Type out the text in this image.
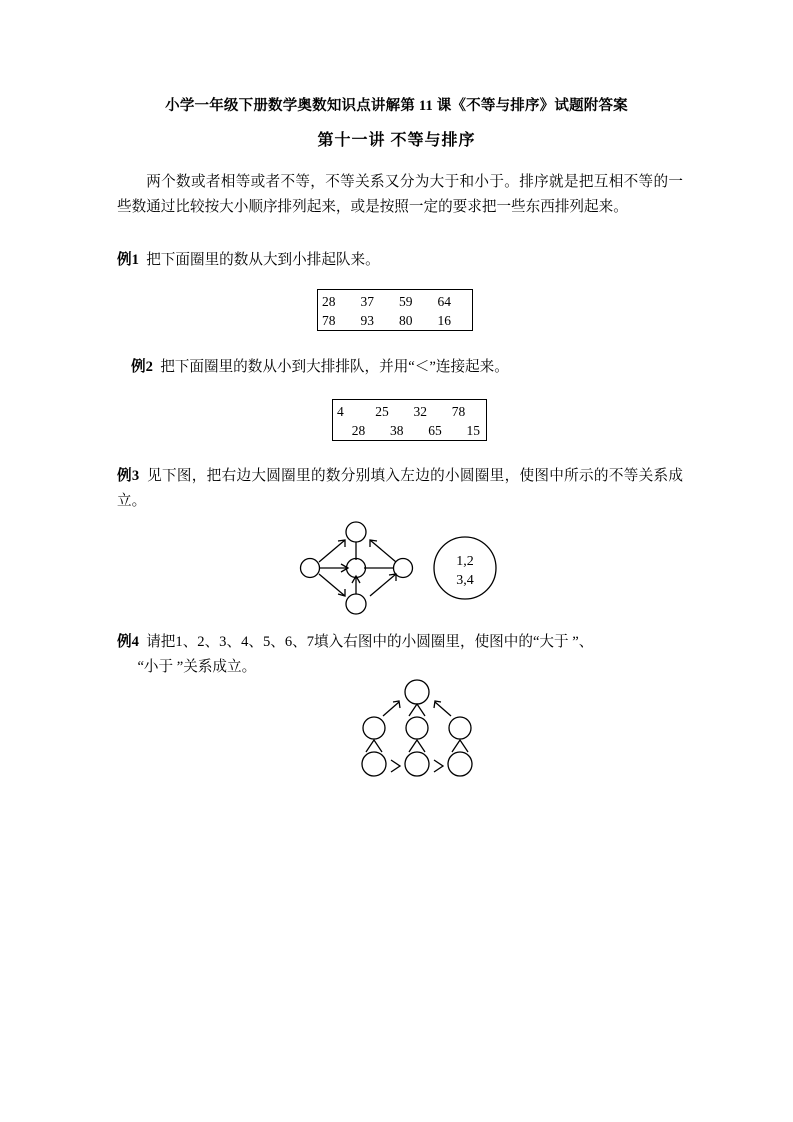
小学一年级下册数学奥数知识点讲解第 11 课《不等与排序》试题附答案
第十一讲 不等与排序
两个数或者相等或者不等，不等关系又分为大于和小于。排序就是把互相不等的一些数通过比较按大小顺序排列起来，或是按照一定的要求把一些东西排列起来。
例1 把下面圈里的数从大到小排起队来。
28	37	59	64
78	93	80	16
例2 把下面圈里的数从小到大排排队，并用“＜”连接起来。
4	25	32	78
28	38	65	15
例3 见下图，把右边大圆圈里的数分别填入左边的小圆圈里，使图中所示的不等关系成立。
1,2
3,4
例4 请把1、2、3、4、5、6、7填入右图中的小圆圈里，使图中的“大于 ”、
“小于 ”关系成立。
